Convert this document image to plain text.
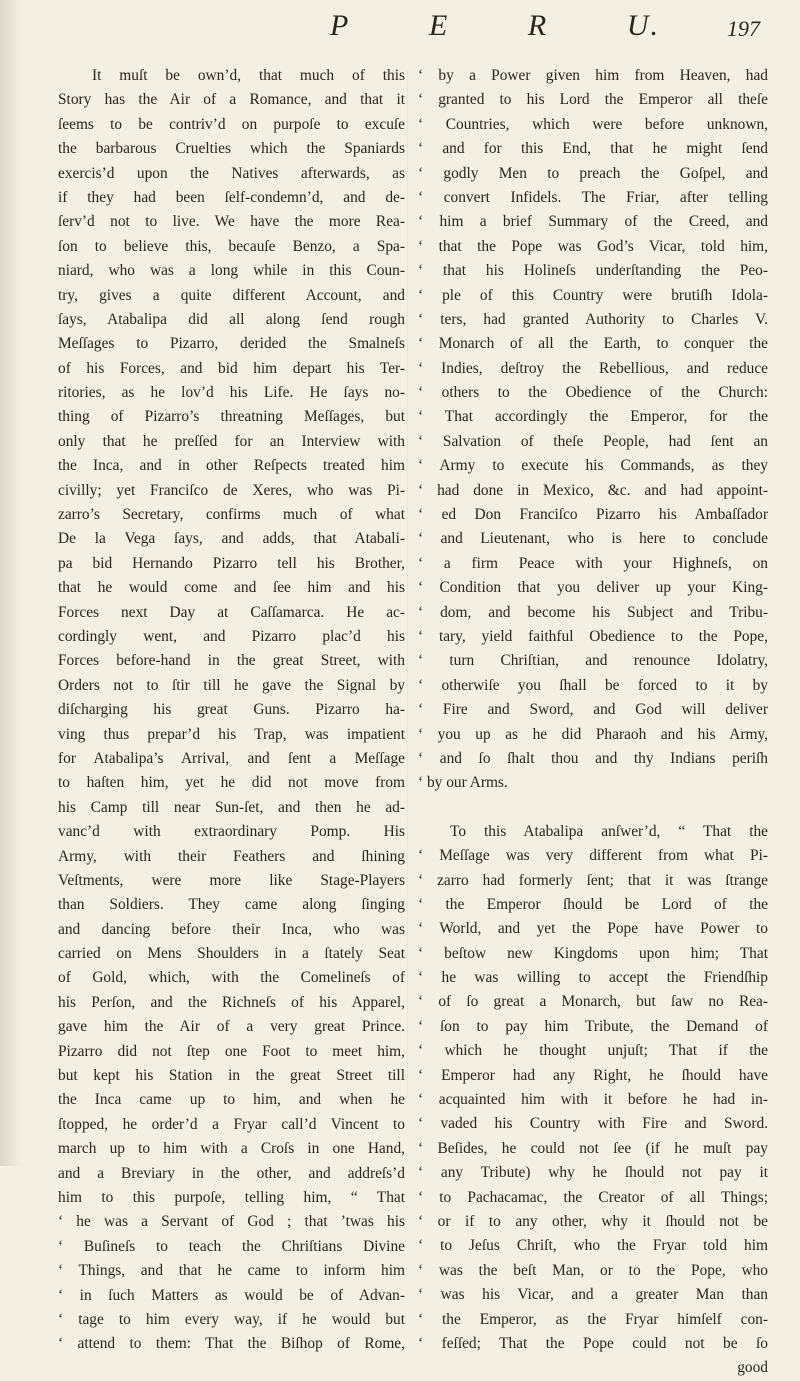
P	E	R	U.	197
It muſt be own’d, that much of this
Story has the Air of a Romance, and that it
ſeems to be contriv’d on purpoſe to excuſe
the barbarous Cruelties which the Spaniards
exercis’d upon the Natives afterwards, as
if they had been ſelf-condemn’d, and de-
ſerv’d not to live. We have the more Rea-
ſon to believe this, becauſe Benzo, a Spa-
niard, who was a long while in this Coun-
try, gives a quite different Account, and
ſays, Atabalipa did all along ſend rough
Meſſages to Pizarro, derided the Smalneſs
of his Forces, and bid him depart his Ter-
ritories, as he lov’d his Life. He ſays no-
thing of Pizarro’s threatning Meſſages, but
only that he preſſed for an Interview with
the Inca, and in other Reſpects treated him
civilly; yet Franciſco de Xeres, who was Pi-
zarro’s Secretary, confirms much of what
De la Vega ſays, and adds, that Atabali-
pa bid Hernando Pizarro tell his Brother,
that he would come and ſee him and his
Forces next Day at Caſſamarca. He ac-
cordingly went, and Pizarro plac’d his
Forces before-hand in the great Street, with
Orders not to ſtir till he gave the Signal by
diſcharging his great Guns. Pizarro ha-
ving thus prepar’d his Trap, was impatient
for Atabalipa’s Arrival, and ſent a Meſſage
to haſten him, yet he did not move from
his Camp till near Sun-ſet, and then he ad-
vanc’d with extraordinary Pomp. His
Army, with their Feathers and ſhining
Veſtments, were more like Stage-Players
than Soldiers. They came along ſinging
and dancing before their Inca, who was
carried on Mens Shoulders in a ſtately Seat
of Gold, which, with the Comelineſs of
his Perſon, and the Richneſs of his Apparel,
gave him the Air of a very great Prince.
Pizarro did not ſtep one Foot to meet him,
but kept his Station in the great Street till
the Inca came up to him, and when he
ſtopped, he order’d a Fryar call’d Vincent to
march up to him with a Croſs in one Hand,
and a Breviary in the other, and addreſs’d
him to this purpoſe, telling him, “ That
‘ he was a Servant of God ; that ’twas his
‘ Buſineſs to teach the Chriſtians Divine
‘ Things, and that he came to inform him
‘ in ſuch Matters as would be of Advan-
‘ tage to him every way, if he would but
‘ attend to them: That the Biſhop of Rome,
‘ by a Power given him from Heaven, had
‘ granted to his Lord the Emperor all theſe
‘ Countries, which were before unknown,
‘ and for this End, that he might ſend
‘ godly Men to preach the Goſpel, and
‘ convert Infidels. The Friar, after telling
‘ him a brief Summary of the Creed, and
‘ that the Pope was God’s Vicar, told him,
‘ that his Holineſs underſtanding the Peo-
‘ ple of this Country were brutiſh Idola-
‘ ters, had granted Authority to Charles V.
‘ Monarch of all the Earth, to conquer the
‘ Indies, deſtroy the Rebellious, and reduce
‘ others to the Obedience of the Church:
‘ That accordingly the Emperor, for the
‘ Salvation of theſe People, had ſent an
‘ Army to execute his Commands, as they
‘ had done in Mexico, &c. and had appoint-
‘ ed Don Franciſco Pizarro his Ambaſſador
‘ and Lieutenant, who is here to conclude
‘ a firm Peace with your Highneſs, on
‘ Condition that you deliver up your King-
‘ dom, and become his Subject and Tribu-
‘ tary, yield faithful Obedience to the Pope,
‘ turn Chriſtian, and renounce Idolatry,
‘ otherwiſe you ſhall be forced to it by
‘ Fire and Sword, and God will deliver
‘ you up as he did Pharaoh and his Army,
‘ and ſo ſhalt thou and thy Indians periſh
‘ by our Arms.
To this Atabalipa anſwer’d, “ That the
‘ Meſſage was very different from what Pi-
‘ zarro had formerly ſent; that it was ſtrange
‘ the Emperor ſhould be Lord of the
‘ World, and yet the Pope have Power to
‘ beſtow new Kingdoms upon him; That
‘ he was willing to accept the Friendſhip
‘ of ſo great a Monarch, but ſaw no Rea-
‘ ſon to pay him Tribute, the Demand of
‘ which he thought unjuſt; That if the
‘ Emperor had any Right, he ſhould have
‘ acquainted him with it before he had in-
‘ vaded his Country with Fire and Sword.
‘ Beſides, he could not ſee (if he muſt pay
‘ any Tribute) why he ſhould not pay it
‘ to Pachacamac, the Creator of all Things;
‘ or if to any other, why it ſhould not be
‘ to Jeſus Chriſt, who the Fryar told him
‘ was the beſt Man, or to the Pope, who
‘ was his Vicar, and a greater Man than
‘ the Emperor, as the Fryar himſelf con-
‘ feſſed; That the Pope could not be ſo
good
